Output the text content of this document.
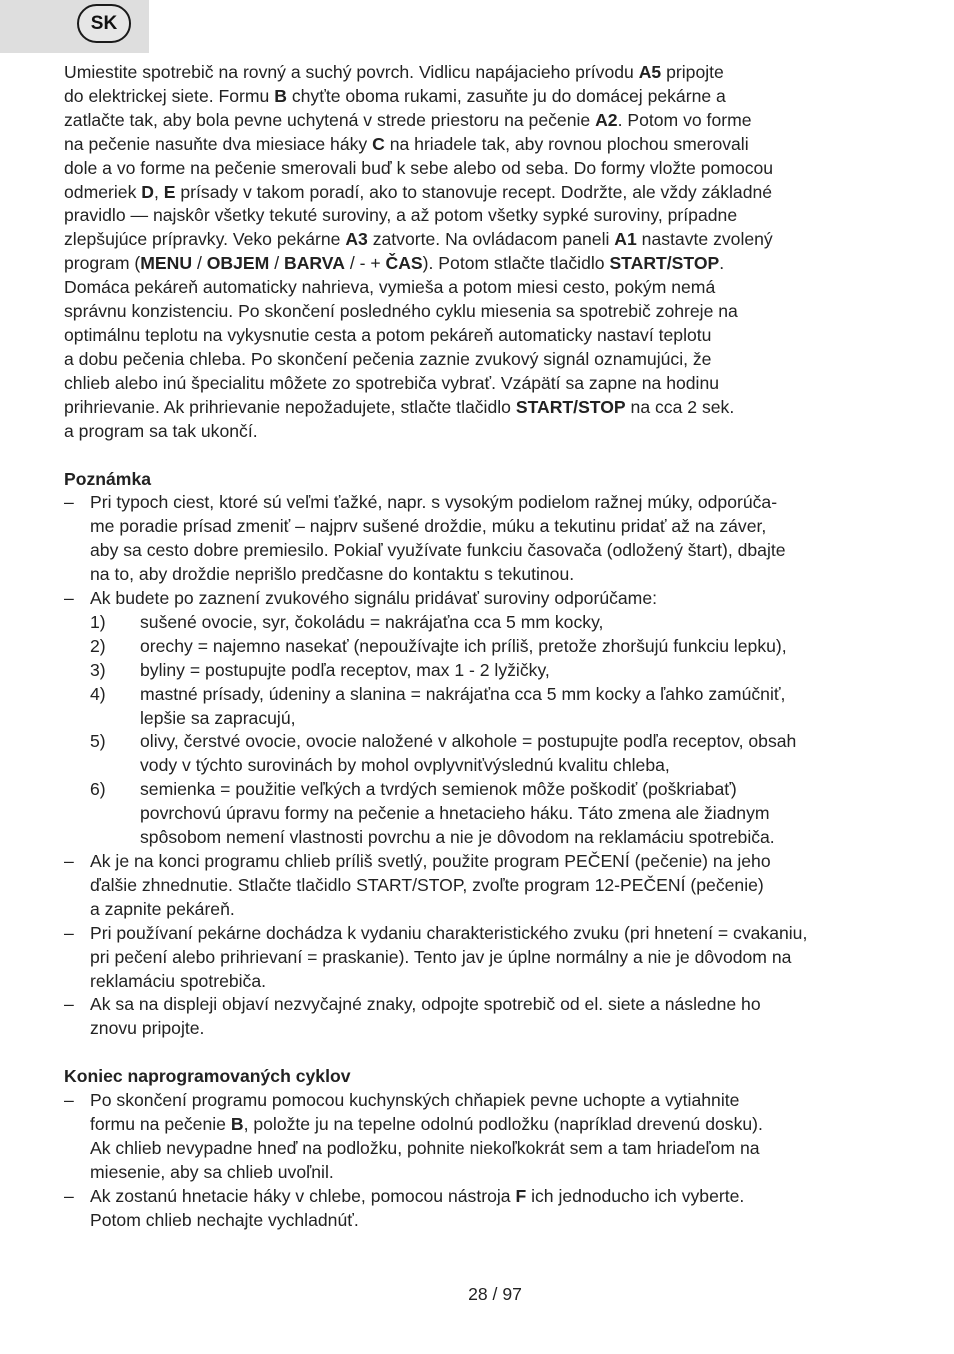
SK

Umiestite spotrebič na rovný a suchý povrch. Vidlicu napájacieho prívodu A5 pripojte
do elektrickej siete. Formu B chyťte oboma rukami, zasuňte ju do domácej pekárne a
zatlačte tak, aby bola pevne uchytená v strede priestoru na pečenie A2. Potom vo forme
na pečenie nasuňte dva miesiace háky C na hriadele tak, aby rovnou plochou smerovali
dole a vo forme na pečenie smerovali buď k sebe alebo od seba. Do formy vložte pomocou
odmeriek D, E prísady v takom poradí, ako to stanovuje recept. Dodržte, ale vždy základné
pravidlo — najskôr všetky tekuté suroviny, a až potom všetky sypké suroviny, prípadne
zlepšujúce prípravky. Veko pekárne A3 zatvorte. Na ovládacom paneli A1 nastavte zvolený
program (MENU / OBJEM / BARVA / - + ČAS). Potom stlačte tlačidlo START/STOP.
Domáca pekáreň automaticky nahrieva, vymieša a potom miesi cesto, pokým nemá
správnu konzistenciu. Po skončení posledného cyklu miesenia sa spotrebič zohreje na
optimálnu teplotu na vykysnutie cesta a potom pekáreň automaticky nastaví teplotu
a dobu pečenia chleba. Po skončení pečenia zaznie zvukový signál oznamujúci, že
chlieb alebo inú špecialitu môžete zo spotrebiča vybrať. Vzápätí sa zapne na hodinu
prihrievanie. Ak prihrievanie nepožadujete, stlačte tlačidlo START/STOP na cca 2 sek.
a program sa tak ukončí.

Poznámka

– Pri typoch ciest, ktoré sú veľmi ťažké, napr. s vysokým podielom ražnej múky, odporúča-
me poradie prísad zmeniť – najprv sušené droždie, múku a tekutinu pridať až na záver,
aby sa cesto dobre premiesilo. Pokiaľ využívate funkciu časovača (odložený štart), dbajte
na to, aby droždie neprišlo predčasne do kontaktu s tekutinou.
– Ak budete po zaznení zvukového signálu pridávať suroviny odporúčame:
1) sušené ovocie, syr, čokoládu = nakrájaťna cca 5 mm kocky,
2) orechy = najemno nasekať (nepoužívajte ich príliš, pretože zhoršujú funkciu lepku),
3) byliny = postupujte podľa receptov, max 1 - 2 lyžičky,
4) mastné prísady, údeniny a slanina = nakrájaťna cca 5 mm kocky a ľahko zamúčniť,
lepšie sa zapracujú,
5) olivy, čerstvé ovocie, ovocie naložené v alkohole = postupujte podľa receptov, obsah
vody v týchto surovinách by mohol ovplyvniťvýslednú kvalitu chleba,
6) semienka = použitie veľkých a tvrdých semienok môže poškodiť (poškriabať)
povrchovú úpravu formy na pečenie a hnetacieho háku. Táto zmena ale žiadnym
spôsobom nemení vlastnosti povrchu a nie je dôvodom na reklamáciu spotrebiča.
– Ak je na konci programu chlieb príliš svetlý, použite program PEČENÍ (pečenie) na jeho
ďalšie zhnednutie. Stlačte tlačidlo START/STOP, zvoľte program 12-PEČENÍ (pečenie)
a zapnite pekáreň.
– Pri používaní pekárne dochádza k vydaniu charakteristického zvuku (pri hnetení = cvakaniu,
pri pečení alebo prihrievaní = praskanie). Tento jav je úplne normálny a nie je dôvodom na
reklamáciu spotrebiča.
– Ak sa na displeji objaví nezvyčajné znaky, odpojte spotrebič od el. siete a následne ho
znovu pripojte.

Koniec naprogramovaných cyklov

– Po skončení programu pomocou kuchynských chňapiek pevne uchopte a vytiahnite
formu na pečenie B, položte ju na tepelne odolnú podložku (napríklad drevenú dosku).
Ak chlieb nevypadne hneď na podložku, pohnite niekoľkokrát sem a tam hriadeľom na
miesenie, aby sa chlieb uvoľnil.
– Ak zostanú hnetacie háky v chlebe, pomocou nástroja F ich jednoducho ich vyberte.
Potom chlieb nechajte vychladnúť.
28 / 97
